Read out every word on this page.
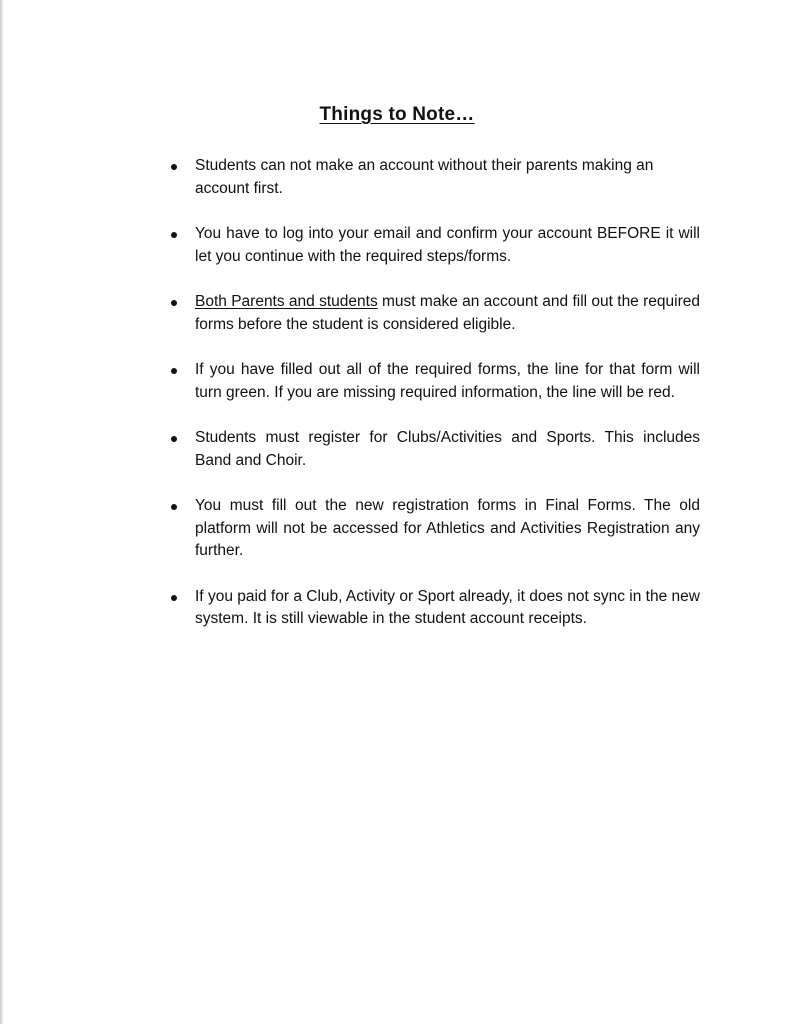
Things to Note…
Students can not make an account without their parents making an account first.
You have to log into your email and confirm your account BEFORE it will let you continue with the required steps/forms.
Both Parents and students must make an account and fill out the required forms before the student is considered eligible.
If you have filled out all of the required forms, the line for that form will turn green. If you are missing required information, the line will be red.
Students must register for Clubs/Activities and Sports. This includes Band and Choir.
You must fill out the new registration forms in Final Forms. The old platform will not be accessed for Athletics and Activities Registration any further.
If you paid for a Club, Activity or Sport already, it does not sync in the new system. It is still viewable in the student account receipts.
